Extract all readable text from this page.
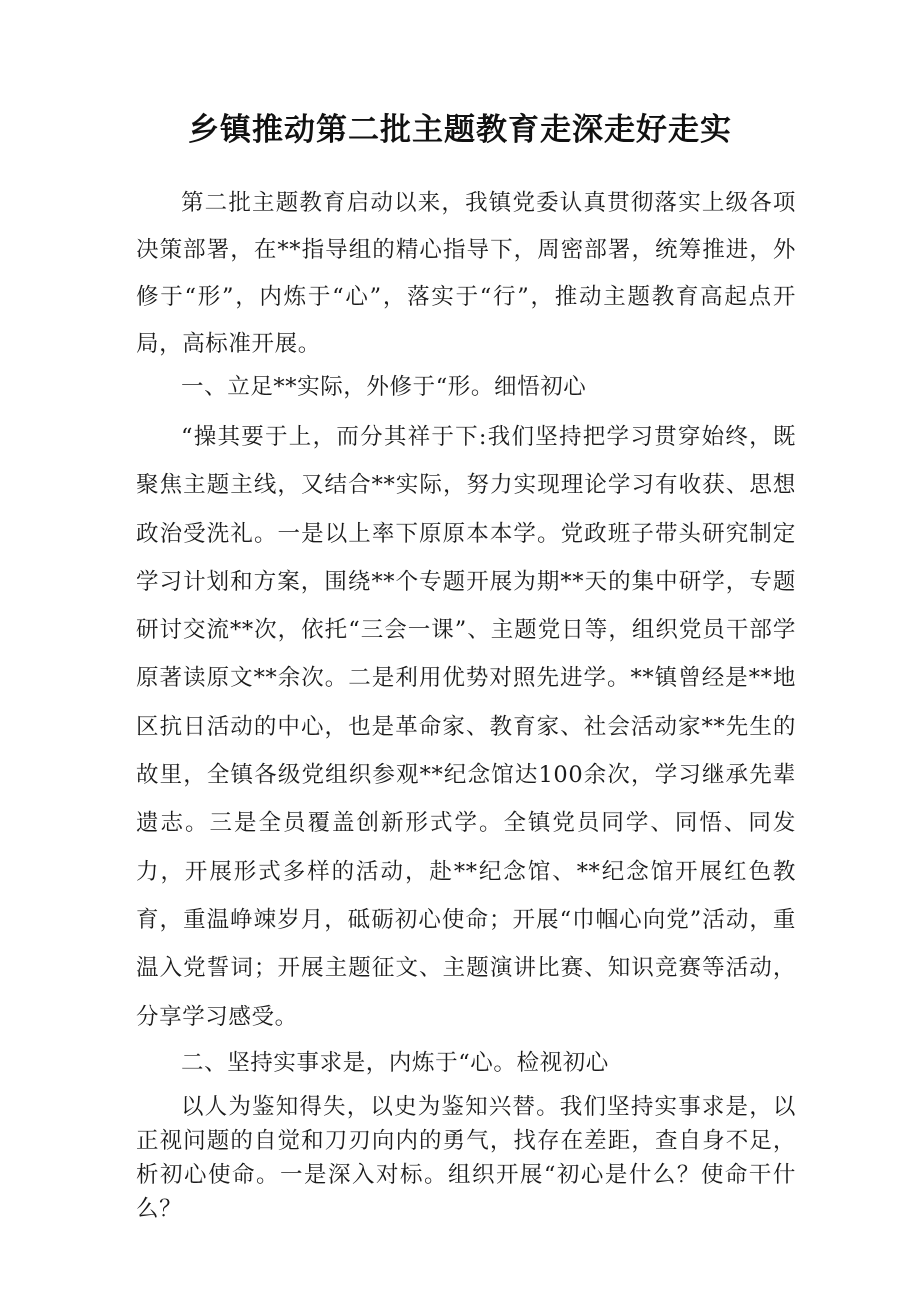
乡镇推动第二批主题教育走深走好走实
第二批主题教育启动以来，我镇党委认真贯彻落实上级各项决策部署，在**指导组的精心指导下，周密部署，统筹推进，外修于“形”，内炼于“心”，落实于“行”，推动主题教育高起点开局，高标准开展。
一、立足**实际，外修于“形。细悟初心
“操其要于上，而分其祥于下:我们坚持把学习贯穿始终，既聚焦主题主线，又结合**实际，努力实现理论学习有收获、思想政治受洗礼。一是以上率下原原本本学。党政班子带头研究制定学习计划和方案，围绕**个专题开展为期**天的集中研学，专题研讨交流**次，依托“三会一课”、主题党日等，组织党员干部学原著读原文**余次。二是利用优势对照先进学。**镇曾经是**地区抗日活动的中心，也是革命家、教育家、社会活动家**先生的故里，全镇各级党组织参观**纪念馆达100余次，学习继承先辈遗志。三是全员覆盖创新形式学。全镇党员同学、同悟、同发力，开展形式多样的活动，赴**纪念馆、**纪念馆开展红色教育，重温峥竦岁月，砥砺初心使命；开展“巾帼心向党”活动，重温入党誓词；开展主题征文、主题演讲比赛、知识竞赛等活动，分享学习感受。
二、坚持实事求是，内炼于“心。检视初心
以人为鉴知得失，以史为鉴知兴替。我们坚持实事求是，以正视问题的自觉和刀刃向内的勇气，找存在差距，查自身不足，析初心使命。一是深入对标。组织开展“初心是什么？使命干什么？
